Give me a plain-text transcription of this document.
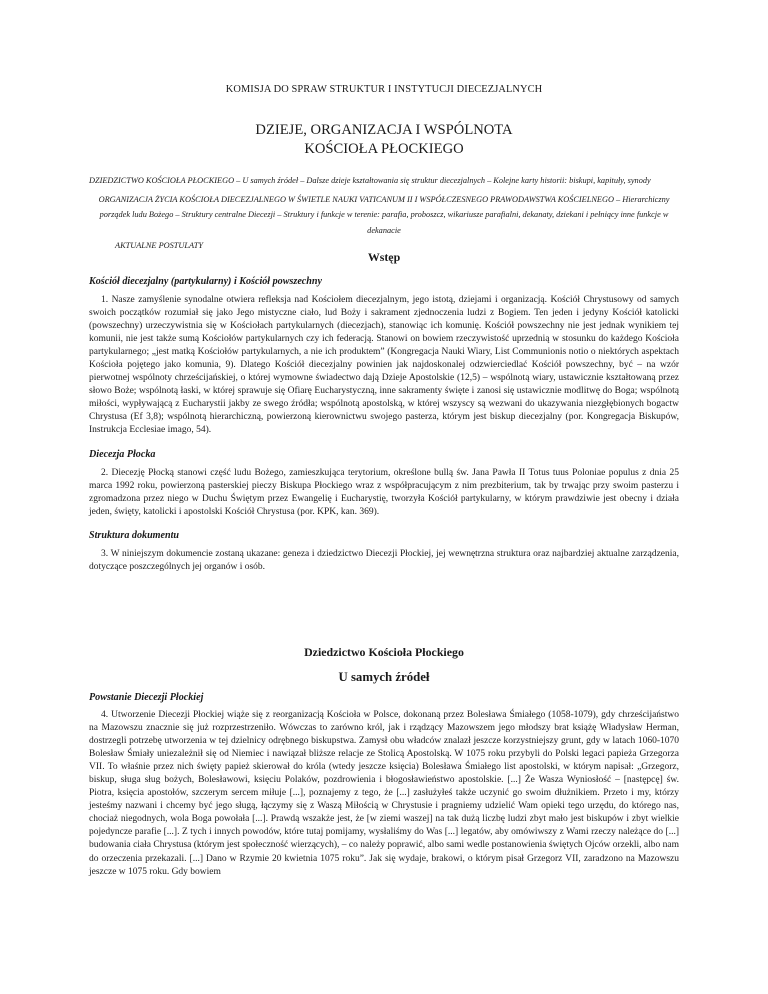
KOMISJA DO SPRAW STRUKTUR I INSTYTUCJI DIECEZJALNYCH
DZIEJE, ORGANIZACJA I WSPÓLNOTA
KOŚCIOŁA PŁOCKIEGO

DZIEDZICTWO KOŚCIOŁA PŁOCKIEGO – U samych źródeł – Dalsze dzieje kształtowania się struktur diecezjalnych – Kolejne karty historii: biskupi, kapituły, synody

ORGANIZACJA ŻYCIA KOŚCIOŁA DIECEZJALNEGO W ŚWIETLE NAUKI VATICANUM II I WSPÓŁCZESNEGO PRAWODAWSTWA KOŚCIELNEGO – Hierarchiczny porządek ludu Bożego – Struktury centralne Diecezji – Struktury i funkcje w terenie: parafia, proboszcz, wikariusze parafialni, dekanaty, dziekani i pełniący inne funkcje w dekanacie

AKTUALNE POSTULATY

Wstęp
Kościół diecezjalny (partykularny) i Kościół powszechny

1. Nasze zamyślenie synodalne otwiera refleksja nad Kościołem diecezjalnym, jego istotą, dziejami i organizacją. Kościół Chrystusowy od samych swoich początków rozumiał się jako Jego mistyczne ciało, lud Boży i sakrament zjednoczenia ludzi z Bogiem. Ten jeden i jedyny Kościół katolicki (powszechny) urzeczywistnia się w Kościołach partykularnych (diecezjach), stanowiąc ich komunię. Kościół powszechny nie jest jednak wynikiem tej komunii, nie jest także sumą Kościołów partykularnych czy ich federacją. Stanowi on bowiem rzeczywistość uprzednią w stosunku do każdego Kościoła partykularnego; „jest matką Kościołów partykularnych, a nie ich produktem” (Kongregacja Nauki Wiary, List Communionis notio o niektórych aspektach Kościoła pojętego jako komunia, 9). Dlatego Kościół diecezjalny powinien jak najdoskonalej odzwierciedlać Kościół powszechny, być – na wzór pierwotnej wspólnoty chrześcijańskiej, o której wymowne świadectwo dają Dzieje Apostolskie (12,5) – wspólnotą wiary, ustawicznie kształtowaną przez słowo Boże; wspólnotą łaski, w której sprawuje się Ofiarę Eucharystyczną, inne sakramenty święte i zanosi się ustawicznie modlitwę do Boga; wspólnotą miłości, wypływającą z Eucharystii jakby ze swego źródła; wspólnotą apostolską, w której wszyscy są wezwani do ukazywania niezgłębionych bogactw Chrystusa (Ef 3,8); wspólnotą hierarchiczną, powierzoną kierownictwu swojego pasterza, którym jest biskup diecezjalny (por. Kongregacja Biskupów, Instrukcja Ecclesiae imago, 54).

Diecezja Płocka

2. Diecezję Płocką stanowi część ludu Bożego, zamieszkująca terytorium, określone bullą św. Jana Pawła II Totus tuus Poloniae populus z dnia 25 marca 1992 roku, powierzoną pasterskiej pieczy Biskupa Płockiego wraz z współpracującym z nim prezbiterium, tak by trwając przy swoim pasterzu i zgromadzona przez niego w Duchu Świętym przez Ewangelię i Eucharystię, tworzyła Kościół partykularny, w którym prawdziwie jest obecny i działa jeden, święty, katolicki i apostolski Kościół Chrystusa (por. KPK, kan. 369).

Struktura dokumentu

3. W niniejszym dokumencie zostaną ukazane: geneza i dziedzictwo Diecezji Płockiej, jej wewnętrzna struktura oraz najbardziej aktualne zarządzenia, dotyczące poszczególnych jej organów i osób.

Dziedzictwo Kościoła Płockiego
U samych źródeł
Powstanie Diecezji Płockiej

4. Utworzenie Diecezji Płockiej wiąże się z reorganizacją Kościoła w Polsce, dokonaną przez Bolesława Śmiałego (1058-1079), gdy chrześcijaństwo na Mazowszu znacznie się już rozprzestrzeniło. Wówczas to zarówno król, jak i rządzący Mazowszem jego młodszy brat książę Władysław Herman, dostrzegli potrzebę utworzenia w tej dzielnicy odrębnego biskupstwa. Zamysł obu władców znalazł jeszcze korzystniejszy grunt, gdy w latach 1060-1070 Bolesław Śmiały uniezależnił się od Niemiec i nawiązał bliższe relacje ze Stolicą Apostolską. W 1075 roku przybyli do Polski legaci papieża Grzegorza VII. To właśnie przez nich święty papież skierował do króla (wtedy jeszcze księcia) Bolesława Śmiałego list apostolski, w którym napisał: „Grzegorz, biskup, sługa sług bożych, Bolesławowi, księciu Polaków, pozdrowienia i błogosławieństwo apostolskie. [...] Że Wasza Wyniosłość – [następcę] św. Piotra, księcia apostołów, szczerym sercem miłuje [...], poznajemy z tego, że [...] zasłużyłeś także uczynić go swoim dłużnikiem. Przeto i my, którzy jesteśmy nazwani i chcemy być jego sługą, łączymy się z Waszą Miłością w Chrystusie i pragniemy udzielić Wam opieki tego urzędu, do którego nas, chociaż niegodnych, wola Boga powołała [...]. Prawdą wszakże jest, że [w ziemi waszej] na tak dużą liczbę ludzi zbyt mało jest biskupów i zbyt wielkie pojedyncze parafie [...]. Z tych i innych powodów, które tutaj pomijamy, wysłaliśmy do Was [...] legatów, aby omówiwszy z Wami rzeczy należące do [...] budowania ciała Chrystusa (którym jest społeczność wierzących), – co należy poprawić, albo sami wedle postanowienia świętych Ojców orzekli, albo nam do orzeczenia przekazali. [...] Dano w Rzymie 20 kwietnia 1075 roku”. Jak się wydaje, brakowi, o którym pisał Grzegorz VII, zaradzono na Mazowszu jeszcze w 1075 roku. Gdy bowiem
